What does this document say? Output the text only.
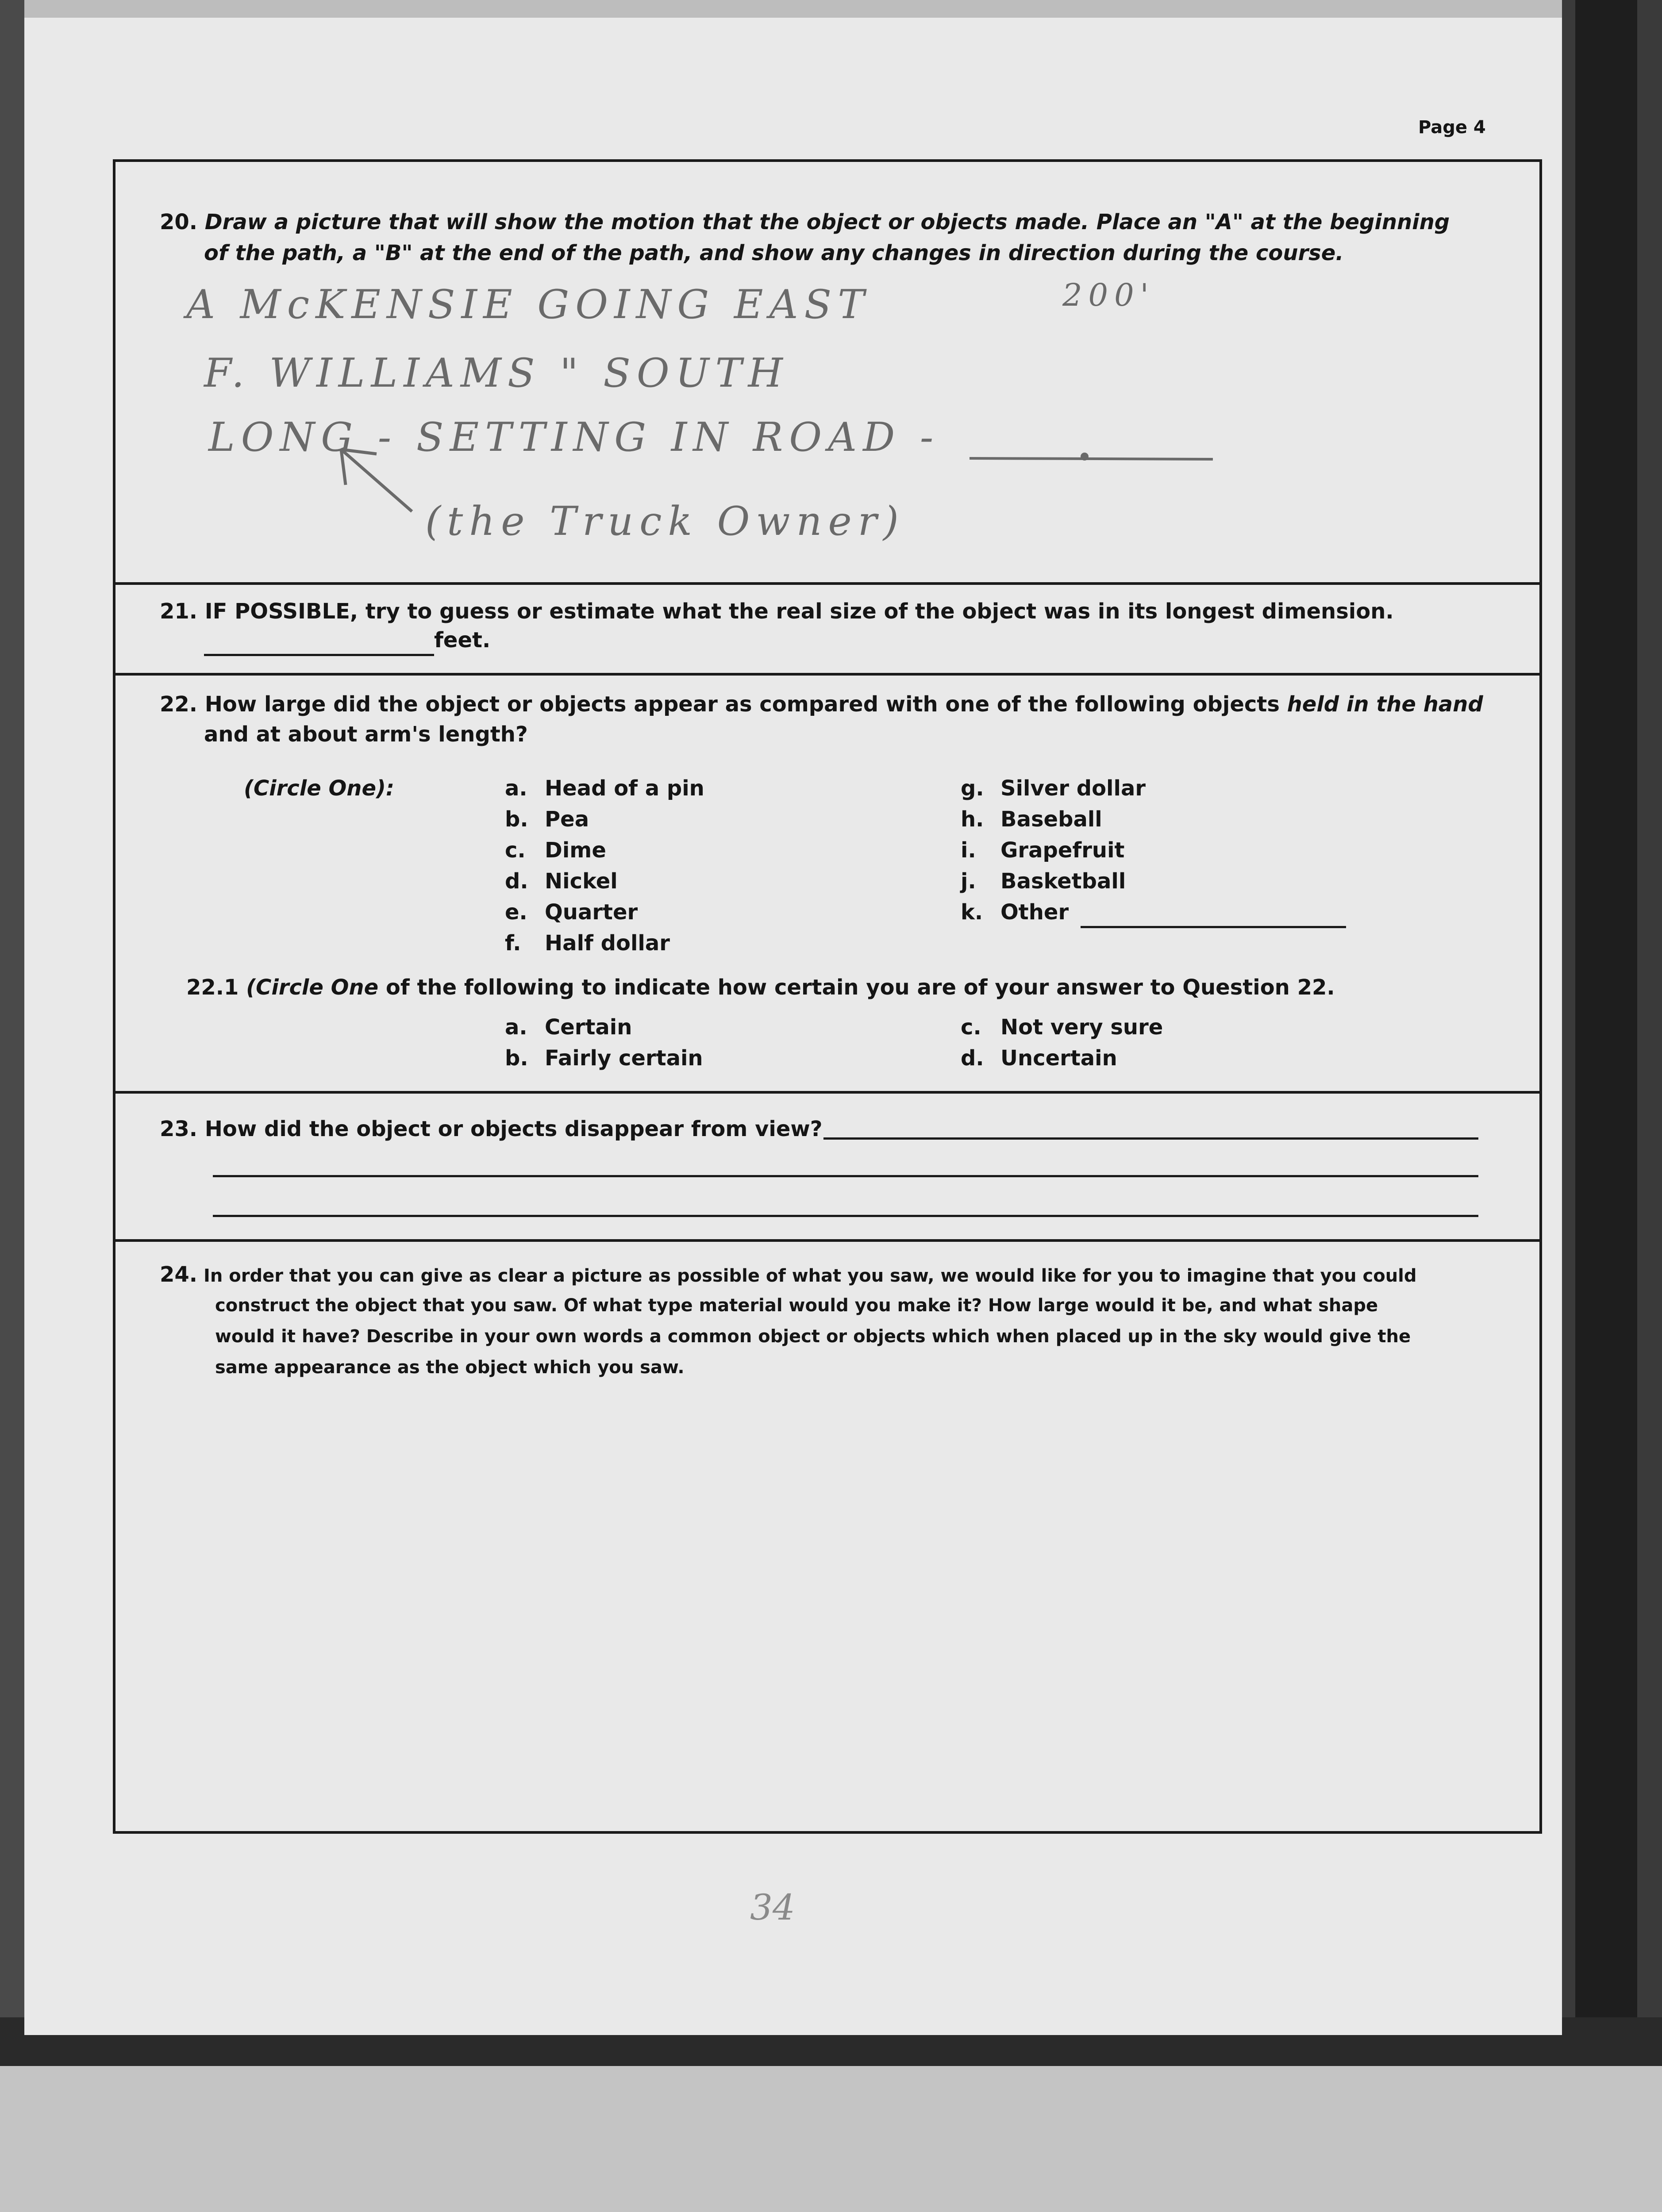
Page 4
20. Draw a picture that will show the motion that the object or objects made. Place an "A" at the beginning
of the path, a "B" at the end of the path, and show any changes in direction during the course.
A McKENSIE GOING EAST	200'
F. WILLIAMS " SOUTH
LONG - SETTING IN ROAD -
(the Truck Owner)
21. IF POSSIBLE, try to guess or estimate what the real size of the object was in its longest dimension.
feet.
22. How large did the object or objects appear as compared with one of the following objects held in the hand
and at about arm's length?
(Circle One):	a. Head of a pin
b. Pea
c. Dime
d. Nickel
e. Quarter
f. Half dollar
g. Silver dollar
h. Baseball
i. Grapefruit
j. Basketball
k. Other
22.1 (Circle One of the following to indicate how certain you are of your answer to Question 22.
a. Certain
b. Fairly certain
c. Not very sure
d. Uncertain
23. How did the object or objects disappear from view?
24. In order that you can give as clear a picture as possible of what you saw, we would like for you to imagine that you could
construct the object that you saw. Of what type material would you make it? How large would it be, and what shape
would it have? Describe in your own words a common object or objects which when placed up in the sky would give the
same appearance as the object which you saw.
34
